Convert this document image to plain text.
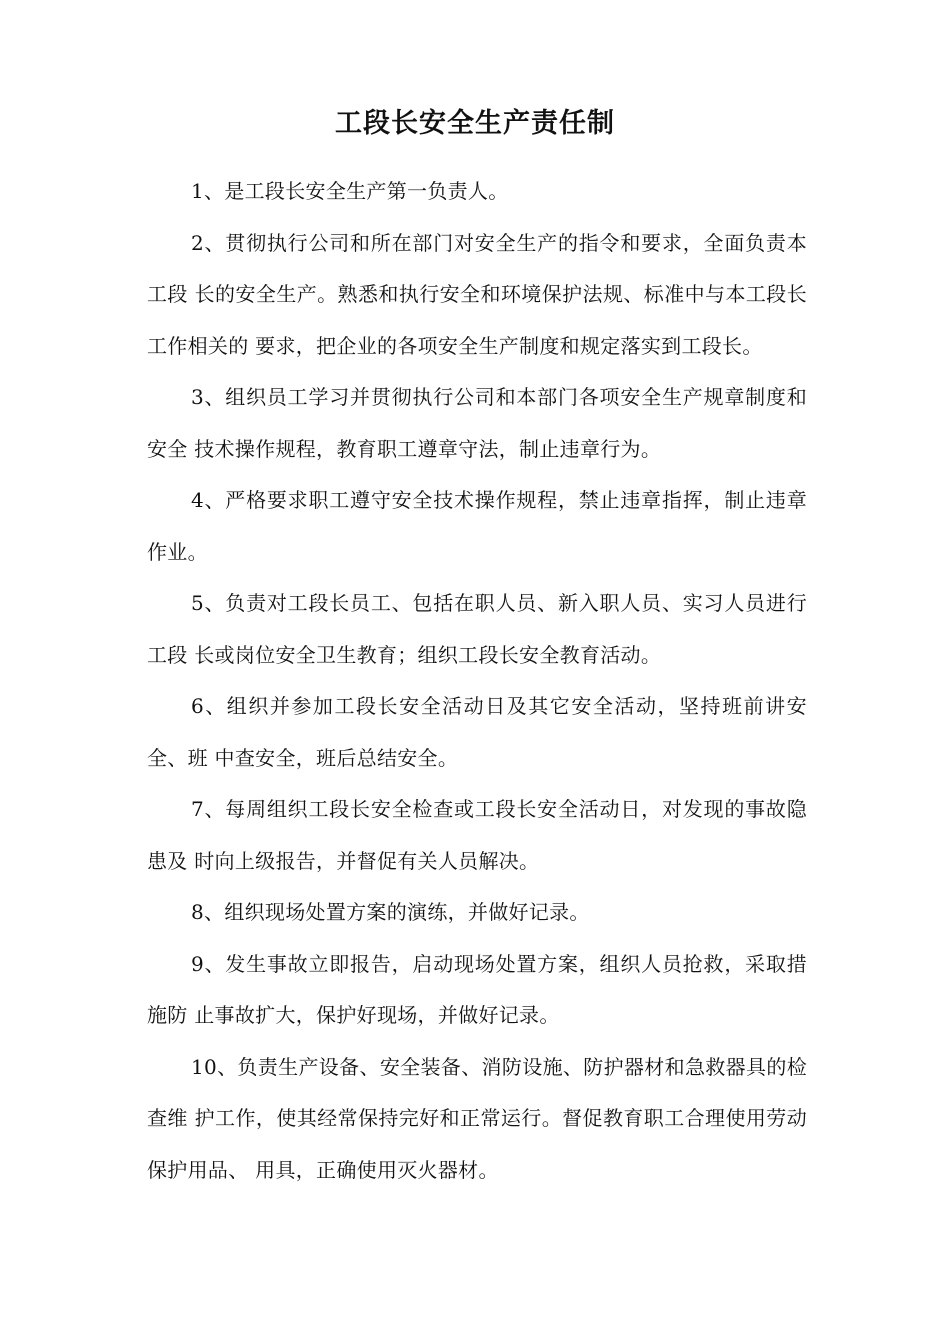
工段长安全生产责任制

1、是工段长安全生产第一负责人。

2、贯彻执行公司和所在部门对安全生产的指令和要求，全面负责本工段 长的安全生产。熟悉和执行安全和环境保护法规、标准中与本工段长工作相关的 要求，把企业的各项安全生产制度和规定落实到工段长。

3、组织员工学习并贯彻执行公司和本部门各项安全生产规章制度和安全 技术操作规程，教育职工遵章守法，制止违章行为。

4、严格要求职工遵守安全技术操作规程，禁止违章指挥，制止违章作业。

5、负责对工段长员工、包括在职人员、新入职人员、实习人员进行工段 长或岗位安全卫生教育；组织工段长安全教育活动。

6、组织并参加工段长安全活动日及其它安全活动，坚持班前讲安全、班 中查安全，班后总结安全。

7、每周组织工段长安全检查或工段长安全活动日，对发现的事故隐患及 时向上级报告，并督促有关人员解决。

8、组织现场处置方案的演练，并做好记录。

9、发生事故立即报告，启动现场处置方案，组织人员抢救，采取措施防 止事故扩大，保护好现场，并做好记录。

10、负责生产设备、安全装备、消防设施、防护器材和急救器具的检查维 护工作，使其经常保持完好和正常运行。督促教育职工合理使用劳动保护用品、 用具，正确使用灭火器材。
